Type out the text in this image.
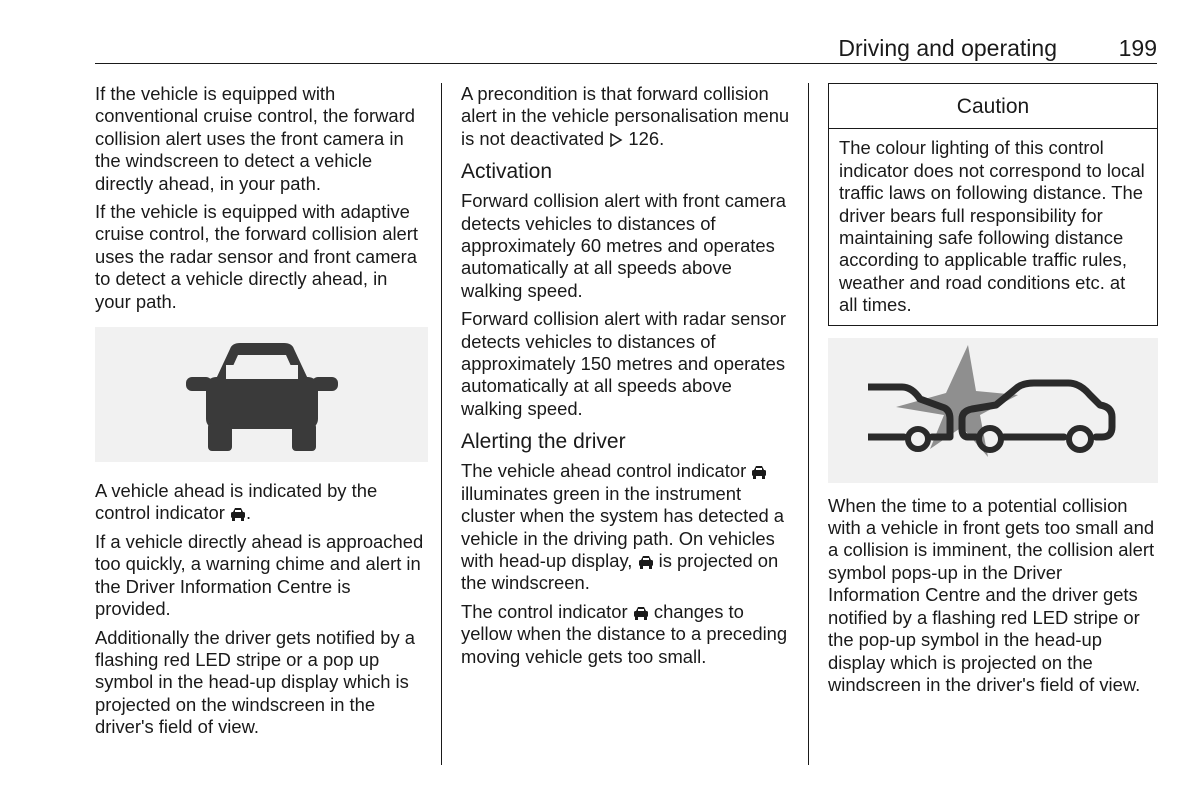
Driving and operating	199

If the vehicle is equipped with conventional cruise control, the forward collision alert uses the front camera in the windscreen to detect a vehicle directly ahead, in your path.

If the vehicle is equipped with adaptive cruise control, the forward collision alert uses the radar sensor and front camera to detect a vehicle directly ahead, in your path.

A vehicle ahead is indicated by the control indicator .

If a vehicle directly ahead is approached too quickly, a warning chime and alert in the Driver Information Centre is provided.

Additionally the driver gets notified by a flashing red LED stripe or a pop up symbol in the head-up display which is projected on the windscreen in the driver's field of view.

A precondition is that forward collision alert in the vehicle personalisation menu is not deactivated 126.

Activation

Forward collision alert with front camera detects vehicles to distances of approximately 60 metres and operates automatically at all speeds above walking speed.

Forward collision alert with radar sensor detects vehicles to distances of approximately 150 metres and operates automatically at all speeds above walking speed.

Alerting the driver

The vehicle ahead control indicator  illuminates green in the instrument cluster when the system has detected a vehicle in the driving path. On vehicles with head-up display, is projected on the windscreen.

The control indicator changes to yellow when the distance to a preceding moving vehicle gets too small.

Caution
The colour lighting of this control indicator does not correspond to local traffic laws on following distance. The driver bears full responsibility for maintaining safe following distance according to applicable traffic rules, weather and road conditions etc. at all times.

When the time to a potential collision with a vehicle in front gets too small and a collision is imminent, the collision alert symbol pops-up in the Driver Information Centre and the driver gets notified by a flashing red LED stripe or the pop-up symbol in the head-up display which is projected on the windscreen in the driver's field of view.
